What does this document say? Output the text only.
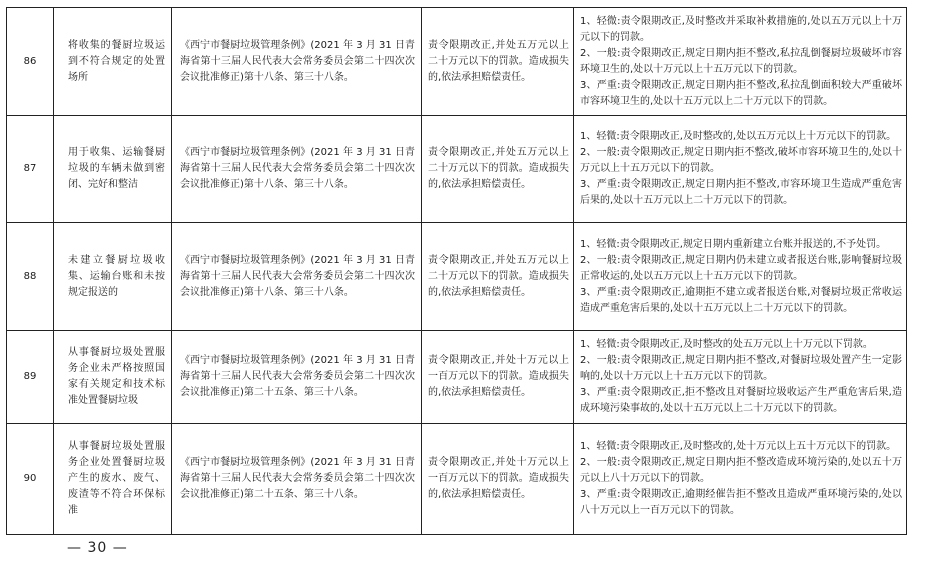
86	将收集的餐厨垃圾运到不符合规定的处置场所	《西宁市餐厨垃圾管理条例》(2021 年 3 月 31 日青海省第十三届人民代表大会常务委员会第二十四次次会议批准修正)第十八条、第三十八条。	责令限期改正,并处五万元以上二十万元以下的罚款。造成损失的,依法承担赔偿责任。	1、轻微:责令限期改正,及时整改并采取补救措施的,处以五万元以上十万元以下的罚款。
2、一般:责令限期改正,规定日期内拒不整改,私拉乱倒餐厨垃圾破坏市容环境卫生的,处以十万元以上十五万元以下的罚款。
3、严重:责令限期改正,规定日期内拒不整改,私拉乱倒面积较大严重破坏市容环境卫生的,处以十五万元以上二十万元以下的罚款。

87	用于收集、运输餐厨垃圾的车辆未做到密闭、完好和整洁	《西宁市餐厨垃圾管理条例》(2021 年 3 月 31 日青海省第十三届人民代表大会常务委员会第二十四次次会议批准修正)第十八条、第三十八条。	责令限期改正,并处五万元以上二十万元以下的罚款。造成损失的,依法承担赔偿责任。	1、轻微:责令限期改正,及时整改的,处以五万元以上十万元以下的罚款。
2、一般:责令限期改正,规定日期内拒不整改,破坏市容环境卫生的,处以十万元以上十五万元以下的罚款。
3、严重:责令限期改正,规定日期内拒不整改,市容环境卫生造成严重危害后果的,处以十五万元以上二十万元以下的罚款。

88	未建立餐厨垃圾收集、运输台账和未按规定报送的	《西宁市餐厨垃圾管理条例》(2021 年 3 月 31 日青海省第十三届人民代表大会常务委员会第二十四次次会议批准修正)第十八条、第三十八条。	责令限期改正,并处五万元以上二十万元以下的罚款。造成损失的,依法承担赔偿责任。	1、轻微:责令限期改正,规定日期内重新建立台账并报送的,不予处罚。
2、一般:责令限期改正,规定日期内仍未建立或者报送台账,影响餐厨垃圾正常收运的,处以五万元以上十五万元以下的罚款。
3、严重:责令限期改正,逾期拒不建立或者报送台账,对餐厨垃圾正常收运造成严重危害后果的,处以十五万元以上二十万元以下的罚款。

89	从事餐厨垃圾处置服务企业未严格按照国家有关规定和技术标准处置餐厨垃圾	《西宁市餐厨垃圾管理条例》(2021 年 3 月 31 日青海省第十三届人民代表大会常务委员会第二十四次次会议批准修正)第二十五条、第三十八条。	责令限期改正,并处十万元以上一百万元以下的罚款。造成损失的,依法承担赔偿责任。	1、轻微:责令限期改正,及时整改的处五万元以上十万元以下罚款。
2、一般:责令限期改正,规定日期内拒不整改,对餐厨垃圾处置产生一定影响的,处以十万元以上十五万元以下的罚款。
3、严重:责令限期改正,拒不整改且对餐厨垃圾收运产生严重危害后果,造成环境污染事故的,处以十五万元以上二十万元以下的罚款。

90	从事餐厨垃圾处置服务企业处置餐厨垃圾产生的废水、废气、废渣等不符合环保标准	《西宁市餐厨垃圾管理条例》(2021 年 3 月 31 日青海省第十三届人民代表大会常务委员会第二十四次次会议批准修正)第二十五条、第三十八条。	责令限期改正,并处十万元以上一百万元以下的罚款。造成损失的,依法承担赔偿责任。	1、轻微:责令限期改正,及时整改的,处十万元以上五十万元以下的罚款。
2、一般:责令限期改正,规定日期内拒不整改造成环境污染的,处以五十万元以上八十万元以下的罚款。
3、严重:责令限期改正,逾期经催告拒不整改且造成严重环境污染的,处以八十万元以上一百万元以下的罚款。
— 30 —
